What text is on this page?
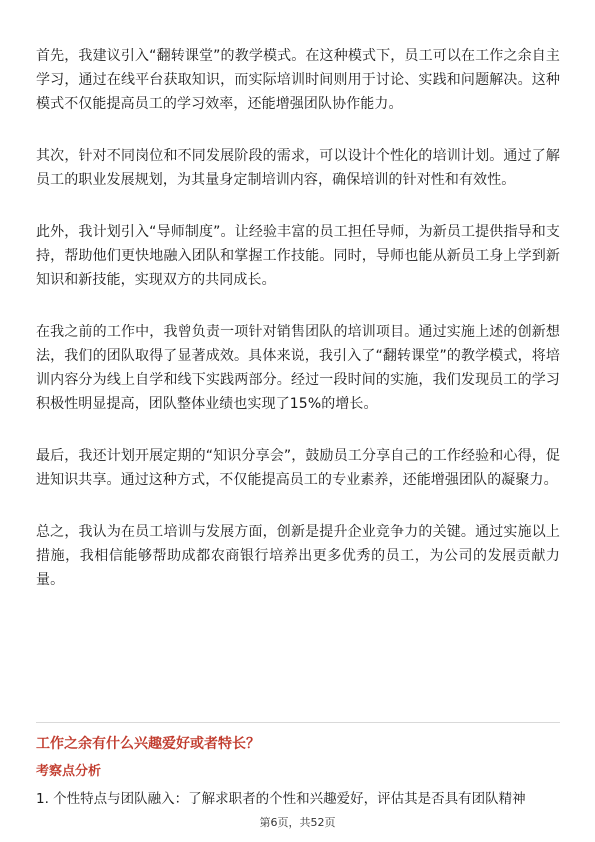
首先，我建议引入“翻转课堂”的教学模式。在这种模式下，员工可以在工作之余自主学习，通过在线平台获取知识，而实际培训时间则用于讨论、实践和问题解决。这种模式不仅能提高员工的学习效率，还能增强团队协作能力。

其次，针对不同岗位和不同发展阶段的需求，可以设计个性化的培训计划。通过了解员工的职业发展规划，为其量身定制培训内容，确保培训的针对性和有效性。

此外，我计划引入“导师制度”。让经验丰富的员工担任导师，为新员工提供指导和支持，帮助他们更快地融入团队和掌握工作技能。同时，导师也能从新员工身上学到新知识和新技能，实现双方的共同成长。

在我之前的工作中，我曾负责一项针对销售团队的培训项目。通过实施上述的创新想法，我们的团队取得了显著成效。具体来说，我引入了“翻转课堂”的教学模式，将培训内容分为线上自学和线下实践两部分。经过一段时间的实施，我们发现员工的学习积极性明显提高，团队整体业绩也实现了15%的增长。

最后，我还计划开展定期的“知识分享会”，鼓励员工分享自己的工作经验和心得，促进知识共享。通过这种方式，不仅能提高员工的专业素养，还能增强团队的凝聚力。

总之，我认为在员工培训与发展方面，创新是提升企业竞争力的关键。通过实施以上措施，我相信能够帮助成都农商银行培养出更多优秀的员工，为公司的发展贡献力量。

工作之余有什么兴趣爱好或者特长？
考察点分析
1. 个性特点与团队融入：了解求职者的个性和兴趣爱好，评估其是否具有团队精神
第6页，共52页
